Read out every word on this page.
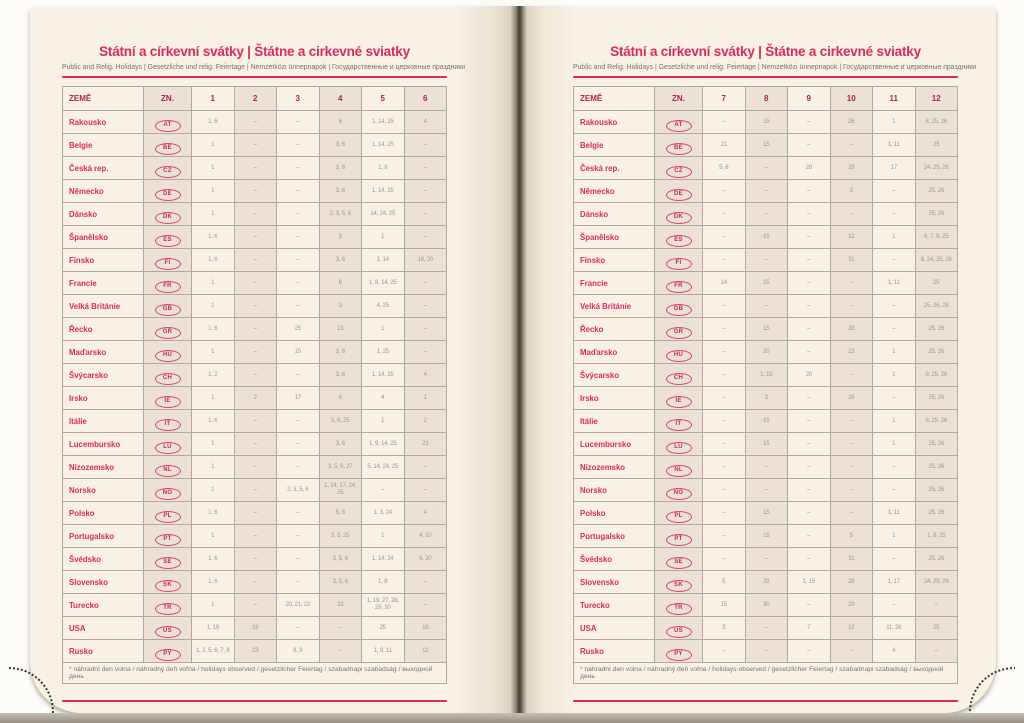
Státní a církevní svátky | Štátne a cirkevné sviatky
Public and Relig. Holidays | Gesetzliche und relig. Feiertage | Nemzetközi ünnepnapok | Государственные и церковные праздники
ZEMĚ	ZN.	1	2	3	4	5	6
Rakousko	AT	1, 6	–	–	6	1, 14, 25	4
Belgie	BE	1	–	–	3, 6	1, 14, 25	–
Česká rep.	CZ	1	–	–	3, 6	1, 8	–
Německo	DE	1	–	–	3, 6	1, 14, 25	–
Dánsko	DK	1	–	–	2, 3, 5, 6	14, 24, 25	–
Španělsko	ES	1, 6	–	–	3	1	–
Finsko	FI	1, 6	–	–	3, 6	1, 14	19, 20
Francie	FR	1	–	–	6	1, 8, 14, 25	–
Velká Británie	GB	1	–	–	3	4, 25	–
Řecko	GR	1, 6	–	25	13	1	–
Maďarsko	HU	1	–	15	3, 6	1, 25	–
Švýcarsko	CH	1, 2	–	–	3, 6	1, 14, 25	4
Irsko	IE	1	2	17	6	4	1
Itálie	IT	1, 6	–	–	5, 6, 25	1	2
Lucembursko	LU	1	–	–	3, 6	1, 9, 14, 25	23
Nizozemsko	NL	1	–	–	3, 5, 6, 27	5, 14, 24, 25	–
Norsko	NO	1	–	2, 3, 5, 6	1, 14, 17, 24, 25	–	–
Polsko	PL	1, 6	–	–	5, 6	1, 3, 24	4
Portugalsko	PT	1	–	–	3, 5, 25	1	4, 10
Švédsko	SE	1, 6	–	–	3, 5, 6	1, 14, 24	6, 20
Slovensko	SK	1, 6	–	–	3, 5, 6	1, 8	–
Turecko	TR	1	–	20, 21, 22	23	1, 19, 27, 28, 29, 30	–
USA	US	1, 19	16	–	–	25	19
Rusko	PY	1, 2, 5, 6, 7, 8	23	8, 9	–	1, 9, 11	12
* náhradní den volna / náhradný deň voľna / holidays observed / gesetzlicher Feiertag / szabadnapi szabadság / выходной день							
Státní a církevní svátky | Štátne a cirkevné sviatky
Public and Relig. Holidays | Gesetzliche und relig. Feiertage | Nemzetközi ünnepnapok | Государственные и церковные праздники
ZEMĚ	ZN.	7	8	9	10	11	12
Rakousko	AT	–	15	–	26	1	8, 25, 26
Belgie	BE	21	15	–	–	1, 11	25
Česká rep.	CZ	5, 6	–	28	28	17	24, 25, 26
Německo	DE	–	–	–	3	–	25, 26
Dánsko	DK	–	–	–	–	–	25, 26
Španělsko	ES	–	15	–	12	1	6, 7, 8, 25
Finsko	FI	–	–	–	31	–	6, 24, 25, 26
Francie	FR	14	15	–	–	1, 11	25
Velká Británie	GB	–	–	–	–	–	25, 26, 28
Řecko	GR	–	15	–	28	–	25, 26
Maďarsko	HU	–	20	–	23	1	25, 26
Švýcarsko	CH	–	1, 15	20	–	1	8, 25, 26
Irsko	IE	–	3	–	26	–	25, 26
Itálie	IT	–	15	–	–	1	8, 25, 26
Lucembursko	LU	–	15	–	–	1	25, 26
Nizozemsko	NL	–	–	–	–	–	25, 26
Norsko	NO	–	–	–	–	–	25, 26
Polsko	PL	–	15	–	–	1, 11	25, 26
Portugalsko	PT	–	15	–	5	1	1, 8, 25
Švédsko	SE	–	–	–	31	–	25, 26
Slovensko	SK	5	29	1, 15	28	1, 17	24, 25, 26
Turecko	TR	15	30	–	29	–	–
USA	US	3	–	7	12	11, 26	25
Rusko	PY	–	–	–	–	4	–
* náhradní den volna / náhradný deň voľna / holidays observed / gesetzlicher Feiertag / szabadnapi szabadság / выходной день							
